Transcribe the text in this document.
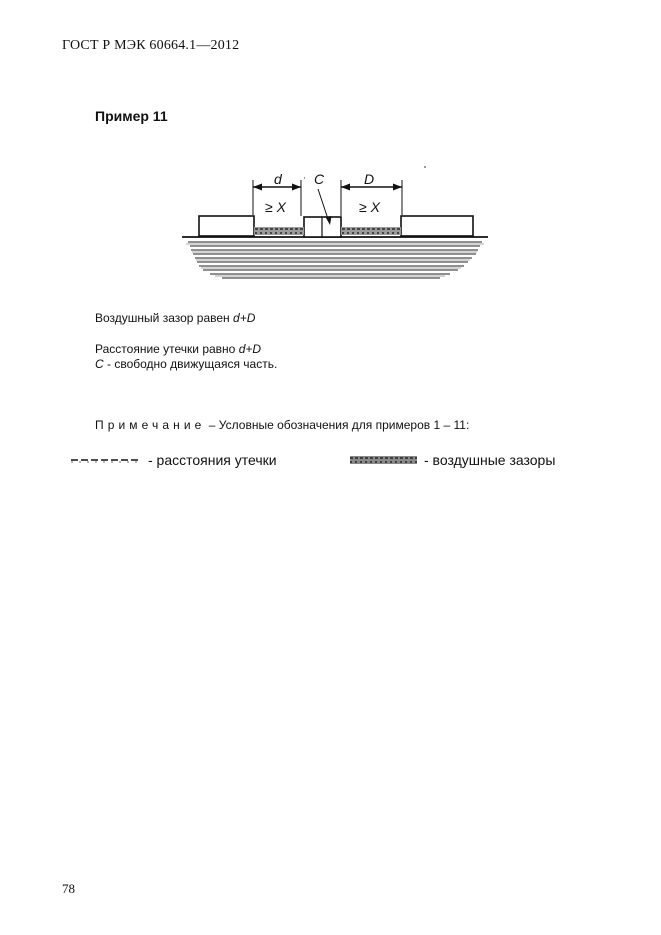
ГОСТ Р МЭК 60664.1—2012
Пример 11
d C	D
≥ X	≥ X
Воздушный зазор равен d+D
Расстояние утечки равно d+D
C - свободно движущаяся часть.
Примечание – Условные обозначения для примеров 1 – 11:
- расстояния утечки	- воздушные зазоры
78
